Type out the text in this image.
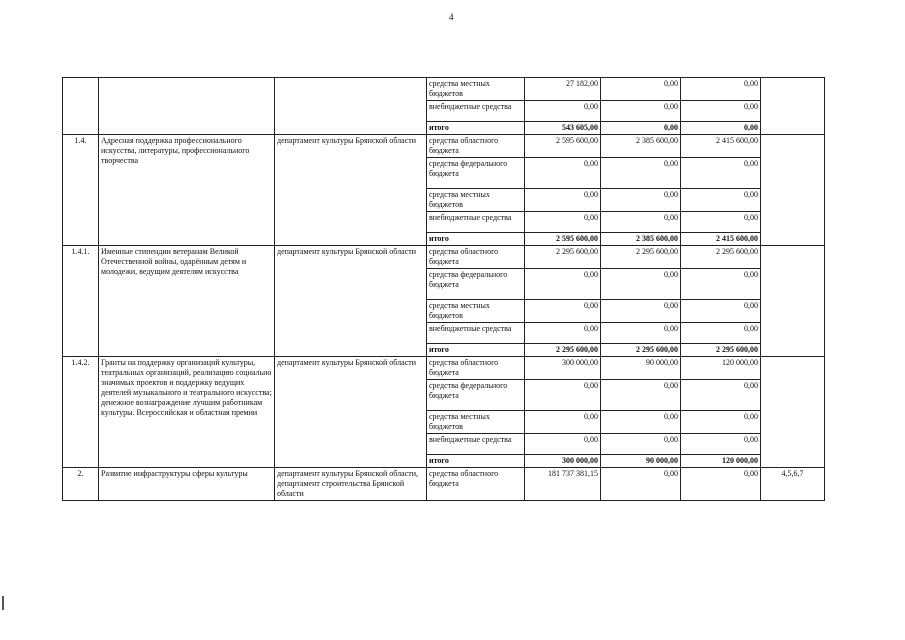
4
			средства местных бюджетов	27 182,00	0,00	0,00	
			внебюджетные средства	0,00	0,00	0,00	
			итого	543 605,00	0,00	0,00	
1.4.	Адресная поддержка профессионального искусства, литературы, профессионального творчества	департамент культуры Брянской области	средства областного бюджета	2 595 600,00	2 385 600,00	2 415 600,00	
			средства федерального бюджета	0,00	0,00	0,00	
			средства местных бюджетов	0,00	0,00	0,00	
			внебюджетные средства	0,00	0,00	0,00	
			итого	2 595 600,00	2 385 600,00	2 415 600,00	
1.4.1.	Именные стипендии ветеранам Великой Отечественной войны, одарённым детям и молодежи, ведущим деятелям искусства	департамент культуры Брянской области	средства областного бюджета	2 295 600,00	2 295 600,00	2 295 600,00	
			средства федерального бюджета	0,00	0,00	0,00	
			средства местных бюджетов	0,00	0,00	0,00	
			внебюджетные средства	0,00	0,00	0,00	
			итого	2 295 600,00	2 295 600,00	2 295 600,00	
1.4.2.	Гранты на поддержку организаций культуры, театральных организаций, реализацию социально значимых проектов и поддержку ведущих деятелей музыкального и театрального искусства; денежное вознаграждение лучшим работникам культуры. Всероссийская и областная премии	департамент культуры Брянской области	средства областного бюджета	300 000,00	90 000,00	120 000,00	
			средства федерального бюджета	0,00	0,00	0,00	
			средства местных бюджетов	0,00	0,00	0,00	
			внебюджетные средства	0,00	0,00	0,00	
			итого	300 000,00	90 000,00	120 000,00	
2.	Развитие инфраструктуры сферы культуры	департамент культуры Брянской области, департамент строительства Брянской области	средства областного бюджета	181 737 381,15	0,00	0,00	4,5,6,7
